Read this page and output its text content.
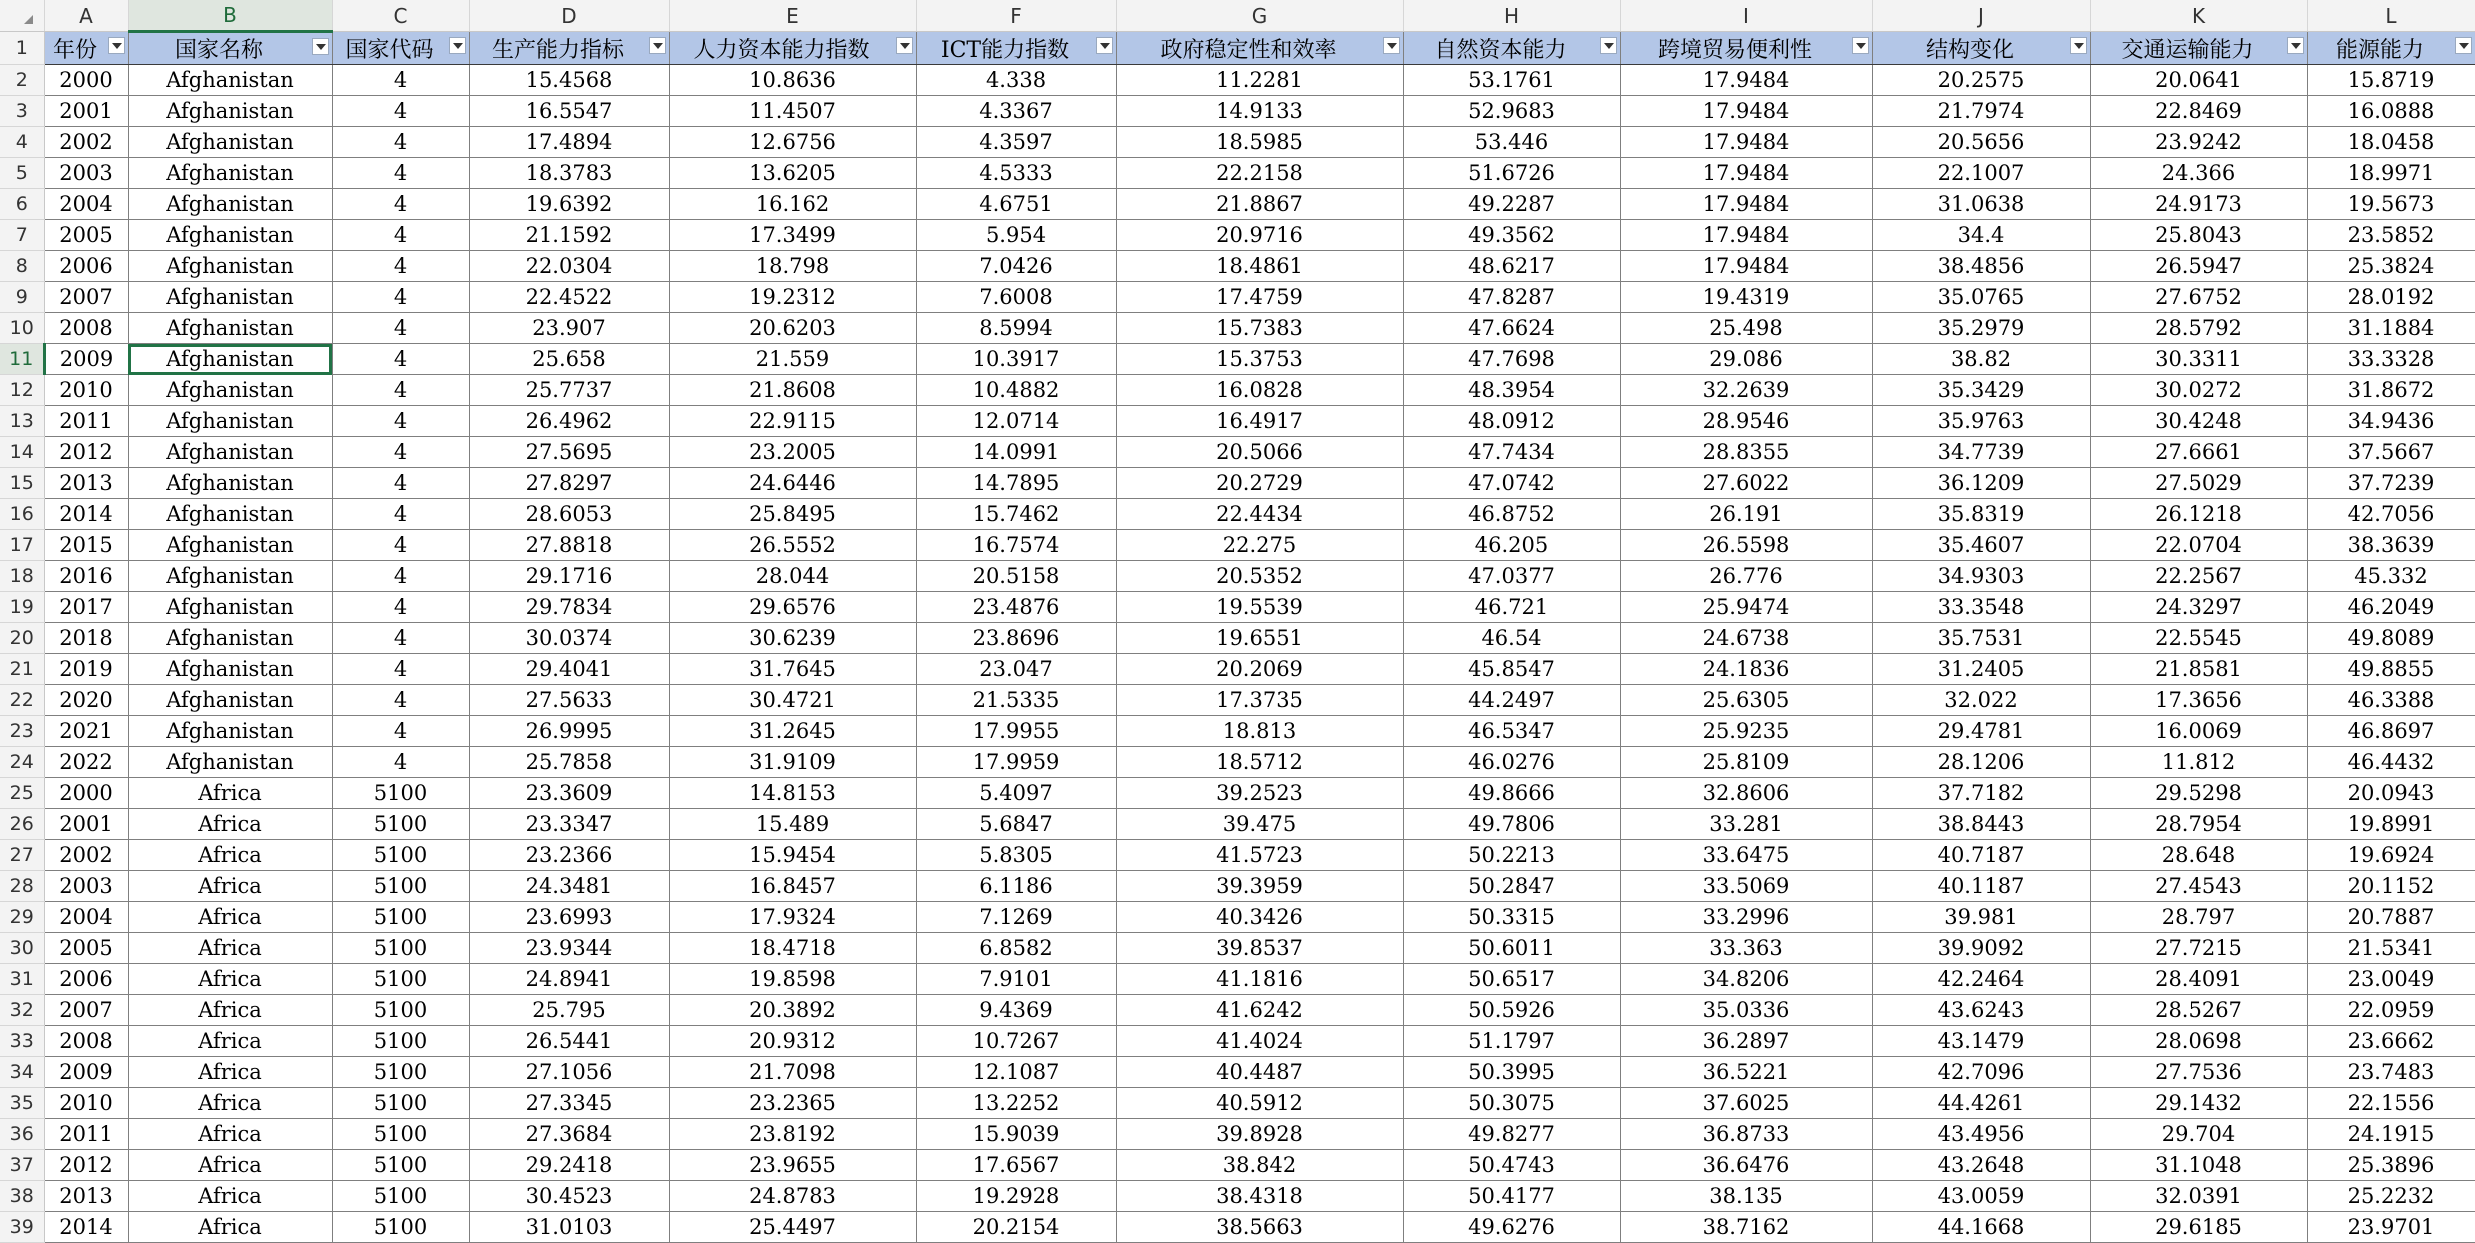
	A	B	C	D	E	F	G	H	I	J	K	L
1	年份	国家名称	国家代码	生产能力指标	人力资本能力指数	ICT能力指数	政府稳定性和效率	自然资本能力	跨境贸易便利性	结构变化	交通运输能力	能源能力

2	2000	Afghanistan	4	15.4568	10.8636	4.338	11.2281	53.1761	17.9484	20.2575	20.0641	15.8719
3	2001	Afghanistan	4	16.5547	11.4507	4.3367	14.9133	52.9683	17.9484	21.7974	22.8469	16.0888
4	2002	Afghanistan	4	17.4894	12.6756	4.3597	18.5985	53.446	17.9484	20.5656	23.9242	18.0458
5	2003	Afghanistan	4	18.3783	13.6205	4.5333	22.2158	51.6726	17.9484	22.1007	24.366	18.9971
6	2004	Afghanistan	4	19.6392	16.162	4.6751	21.8867	49.2287	17.9484	31.0638	24.9173	19.5673
7	2005	Afghanistan	4	21.1592	17.3499	5.954	20.9716	49.3562	17.9484	34.4	25.8043	23.5852
8	2006	Afghanistan	4	22.0304	18.798	7.0426	18.4861	48.6217	17.9484	38.4856	26.5947	25.3824
9	2007	Afghanistan	4	22.4522	19.2312	7.6008	17.4759	47.8287	19.4319	35.0765	27.6752	28.0192
10	2008	Afghanistan	4	23.907	20.6203	8.5994	15.7383	47.6624	25.498	35.2979	28.5792	31.1884
11	2009	Afghanistan	4	25.658	21.559	10.3917	15.3753	47.7698	29.086	38.82	30.3311	33.3328
12	2010	Afghanistan	4	25.7737	21.8608	10.4882	16.0828	48.3954	32.2639	35.3429	30.0272	31.8672
13	2011	Afghanistan	4	26.4962	22.9115	12.0714	16.4917	48.0912	28.9546	35.9763	30.4248	34.9436
14	2012	Afghanistan	4	27.5695	23.2005	14.0991	20.5066	47.7434	28.8355	34.7739	27.6661	37.5667
15	2013	Afghanistan	4	27.8297	24.6446	14.7895	20.2729	47.0742	27.6022	36.1209	27.5029	37.7239
16	2014	Afghanistan	4	28.6053	25.8495	15.7462	22.4434	46.8752	26.191	35.8319	26.1218	42.7056
17	2015	Afghanistan	4	27.8818	26.5552	16.7574	22.275	46.205	26.5598	35.4607	22.0704	38.3639
18	2016	Afghanistan	4	29.1716	28.044	20.5158	20.5352	47.0377	26.776	34.9303	22.2567	45.332
19	2017	Afghanistan	4	29.7834	29.6576	23.4876	19.5539	46.721	25.9474	33.3548	24.3297	46.2049
20	2018	Afghanistan	4	30.0374	30.6239	23.8696	19.6551	46.54	24.6738	35.7531	22.5545	49.8089
21	2019	Afghanistan	4	29.4041	31.7645	23.047	20.2069	45.8547	24.1836	31.2405	21.8581	49.8855
22	2020	Afghanistan	4	27.5633	30.4721	21.5335	17.3735	44.2497	25.6305	32.022	17.3656	46.3388
23	2021	Afghanistan	4	26.9995	31.2645	17.9955	18.813	46.5347	25.9235	29.4781	16.0069	46.8697
24	2022	Afghanistan	4	25.7858	31.9109	17.9959	18.5712	46.0276	25.8109	28.1206	11.812	46.4432
25	2000	Africa	5100	23.3609	14.8153	5.4097	39.2523	49.8666	32.8606	37.7182	29.5298	20.0943
26	2001	Africa	5100	23.3347	15.489	5.6847	39.475	49.7806	33.281	38.8443	28.7954	19.8991
27	2002	Africa	5100	23.2366	15.9454	5.8305	41.5723	50.2213	33.6475	40.7187	28.648	19.6924
28	2003	Africa	5100	24.3481	16.8457	6.1186	39.3959	50.2847	33.5069	40.1187	27.4543	20.1152
29	2004	Africa	5100	23.6993	17.9324	7.1269	40.3426	50.3315	33.2996	39.981	28.797	20.7887
30	2005	Africa	5100	23.9344	18.4718	6.8582	39.8537	50.6011	33.363	39.9092	27.7215	21.5341
31	2006	Africa	5100	24.8941	19.8598	7.9101	41.1816	50.6517	34.8206	42.2464	28.4091	23.0049
32	2007	Africa	5100	25.795	20.3892	9.4369	41.6242	50.5926	35.0336	43.6243	28.5267	22.0959
33	2008	Africa	5100	26.5441	20.9312	10.7267	41.4024	51.1797	36.2897	43.1479	28.0698	23.6662
34	2009	Africa	5100	27.1056	21.7098	12.1087	40.4487	50.3995	36.5221	42.7096	27.7536	23.7483
35	2010	Africa	5100	27.3345	23.2365	13.2252	40.5912	50.3075	37.6025	44.4261	29.1432	22.1556
36	2011	Africa	5100	27.3684	23.8192	15.9039	39.8928	49.8277	36.8733	43.4956	29.704	24.1915
37	2012	Africa	5100	29.2418	23.9655	17.6567	38.842	50.4743	36.6476	43.2648	31.1048	25.3896
38	2013	Africa	5100	30.4523	24.8783	19.2928	38.4318	50.4177	38.135	43.0059	32.0391	25.2232
39	2014	Africa	5100	31.0103	25.4497	20.2154	38.5663	49.6276	38.7162	44.1668	29.6185	23.9701
